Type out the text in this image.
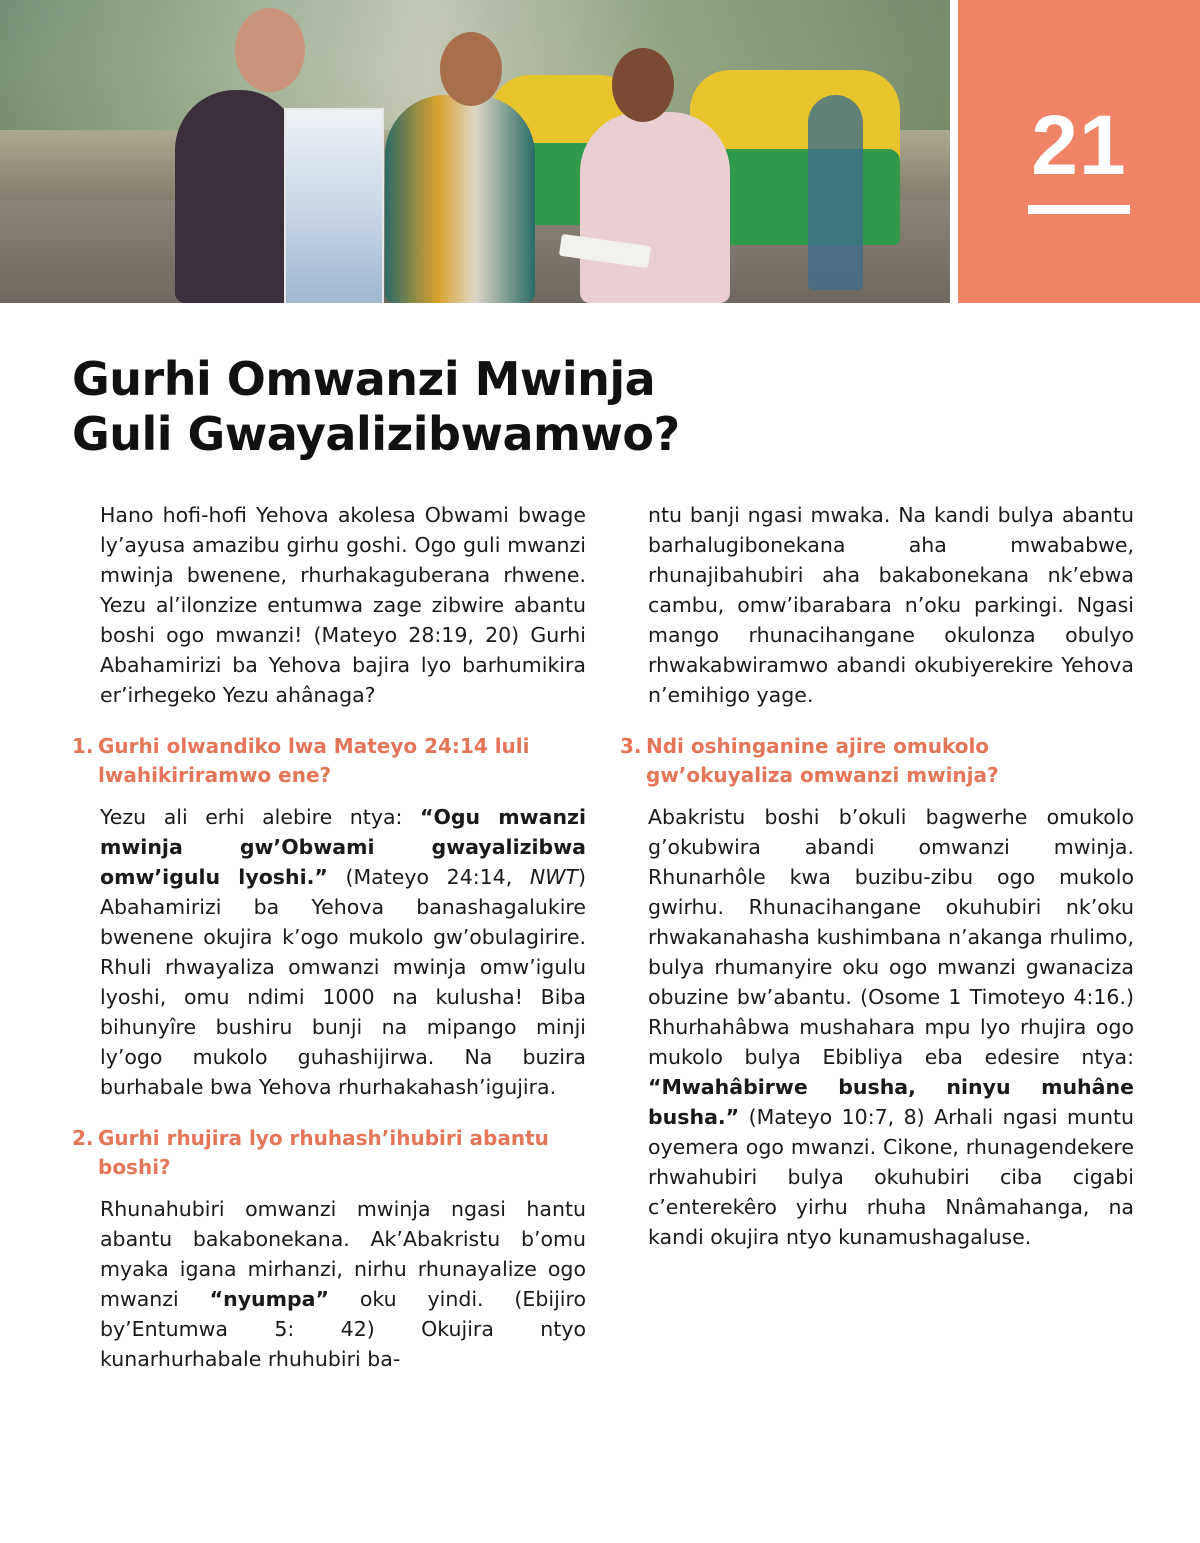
21
Gurhi Omwanzi Mwinja
Guli Gwayalizibwamwo?

Hano hofi-hofi Yehova akolesa Obwami bwage ly’ayusa amazibu girhu goshi. Ogo guli mwanzi mwinja bwenene, rhurhakaguberana rhwene. Yezu al’ilonzize entumwa zage zibwire abantu boshi ogo mwanzi! (Mateyo 28:19, 20) Gurhi Abahamirizi ba Yehova bajira lyo barhumikira er’irhegeko Yezu ahânaga?

1. Gurhi olwandiko lwa Mateyo 24:14 luli lwahikiriramwo ene?

Yezu ali erhi alebire ntya: “Ogu mwanzi mwinja gw’Obwami gwayalizibwa omw’igulu lyoshi.” (Mateyo 24:14, NWT) Abahamirizi ba Yehova banashagalukire bwenene okujira k’ogo mukolo gw’obulagirire. Rhuli rhwayaliza omwanzi mwinja omw’igulu lyoshi, omu ndimi 1000 na kulusha! Biba bihunyîre bushiru bunji na mipango minji ly’ogo mukolo guhashijirwa. Na buzira burhabale bwa Yehova rhurhakahash’igujira.

2. Gurhi rhujira lyo rhuhash’ihubiri abantu boshi?

Rhunahubiri omwanzi mwinja ngasi hantu abantu bakabonekana. Ak’Abakristu b’omu myaka igana mirhanzi, nirhu rhunayalize ogo mwanzi “nyumpa” oku yindi. (Ebijiro by’Entumwa 5: 42) Okujira ntyo kunarhurhabale rhuhubiri ba-

ntu banji ngasi mwaka. Na kandi bulya abantu barhalugibonekana aha mwababwe, rhunajibahubiri aha bakabonekana nk’ebwa cambu, omw’ibarabara n’oku parkingi. Ngasi mango rhunacihangane okulonza obulyo rhwakabwiramwo abandi okubiyerekire Yehova n’emihigo yage.

3. Ndi oshinganine ajire omukolo gw’okuyaliza omwanzi mwinja?

Abakristu boshi b’okuli bagwerhe omukolo g’okubwira abandi omwanzi mwinja. Rhunarhôle kwa buzibu-zibu ogo mukolo gwirhu. Rhunacihangane okuhubiri nk’oku rhwakanahasha kushimbana n’akanga rhulimo, bulya rhumanyire oku ogo mwanzi gwanaciza obuzine bw’abantu. (Osome 1 Timoteyo 4:16.) Rhurhahâbwa mushahara mpu lyo rhujira ogo mukolo bulya Ebibliya eba edesire ntya: “Mwahâbirwe busha, ninyu muhâne busha.” (Mateyo 10:7, 8) Arhali ngasi muntu oyemera ogo mwanzi. Cikone, rhunagendekere rhwahubiri bulya okuhubiri ciba cigabi c’enterekêro yirhu rhuha Nnâmahanga, na kandi okujira ntyo kunamushagaluse.
